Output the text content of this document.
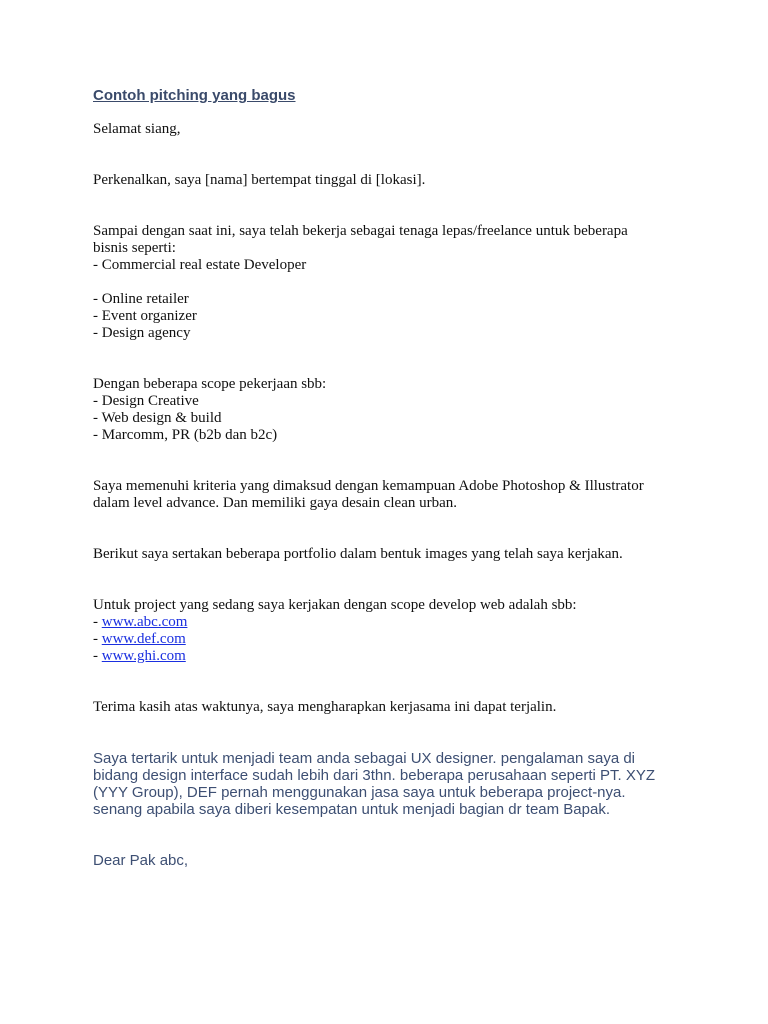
Contoh pitching yang bagus

Selamat siang,

Perkenalkan, saya [nama] bertempat tinggal di [lokasi].

Sampai dengan saat ini, saya telah bekerja sebagai tenaga lepas/freelance untuk beberapa

bisnis seperti:

- Commercial real estate Developer

- Online retailer

- Event organizer

- Design agency

Dengan beberapa scope pekerjaan sbb:

- Design Creative

- Web design & build

- Marcomm, PR (b2b dan b2c)

Saya memenuhi kriteria yang dimaksud dengan kemampuan Adobe Photoshop & Illustrator

dalam level advance. Dan memiliki gaya desain clean urban.

Berikut saya sertakan beberapa portfolio dalam bentuk images yang telah saya kerjakan.

Untuk project yang sedang saya kerjakan dengan scope develop web adalah sbb:

- www.abc.com

- www.def.com

- www.ghi.com

Terima kasih atas waktunya, saya mengharapkan kerjasama ini dapat terjalin.

Saya tertarik untuk menjadi team anda sebagai UX designer. pengalaman saya di

bidang design interface sudah lebih dari 3thn. beberapa perusahaan seperti PT. XYZ

(YYY Group), DEF pernah menggunakan jasa saya untuk beberapa project-nya.

senang apabila saya diberi kesempatan untuk menjadi bagian dr team Bapak.

Dear Pak abc,
